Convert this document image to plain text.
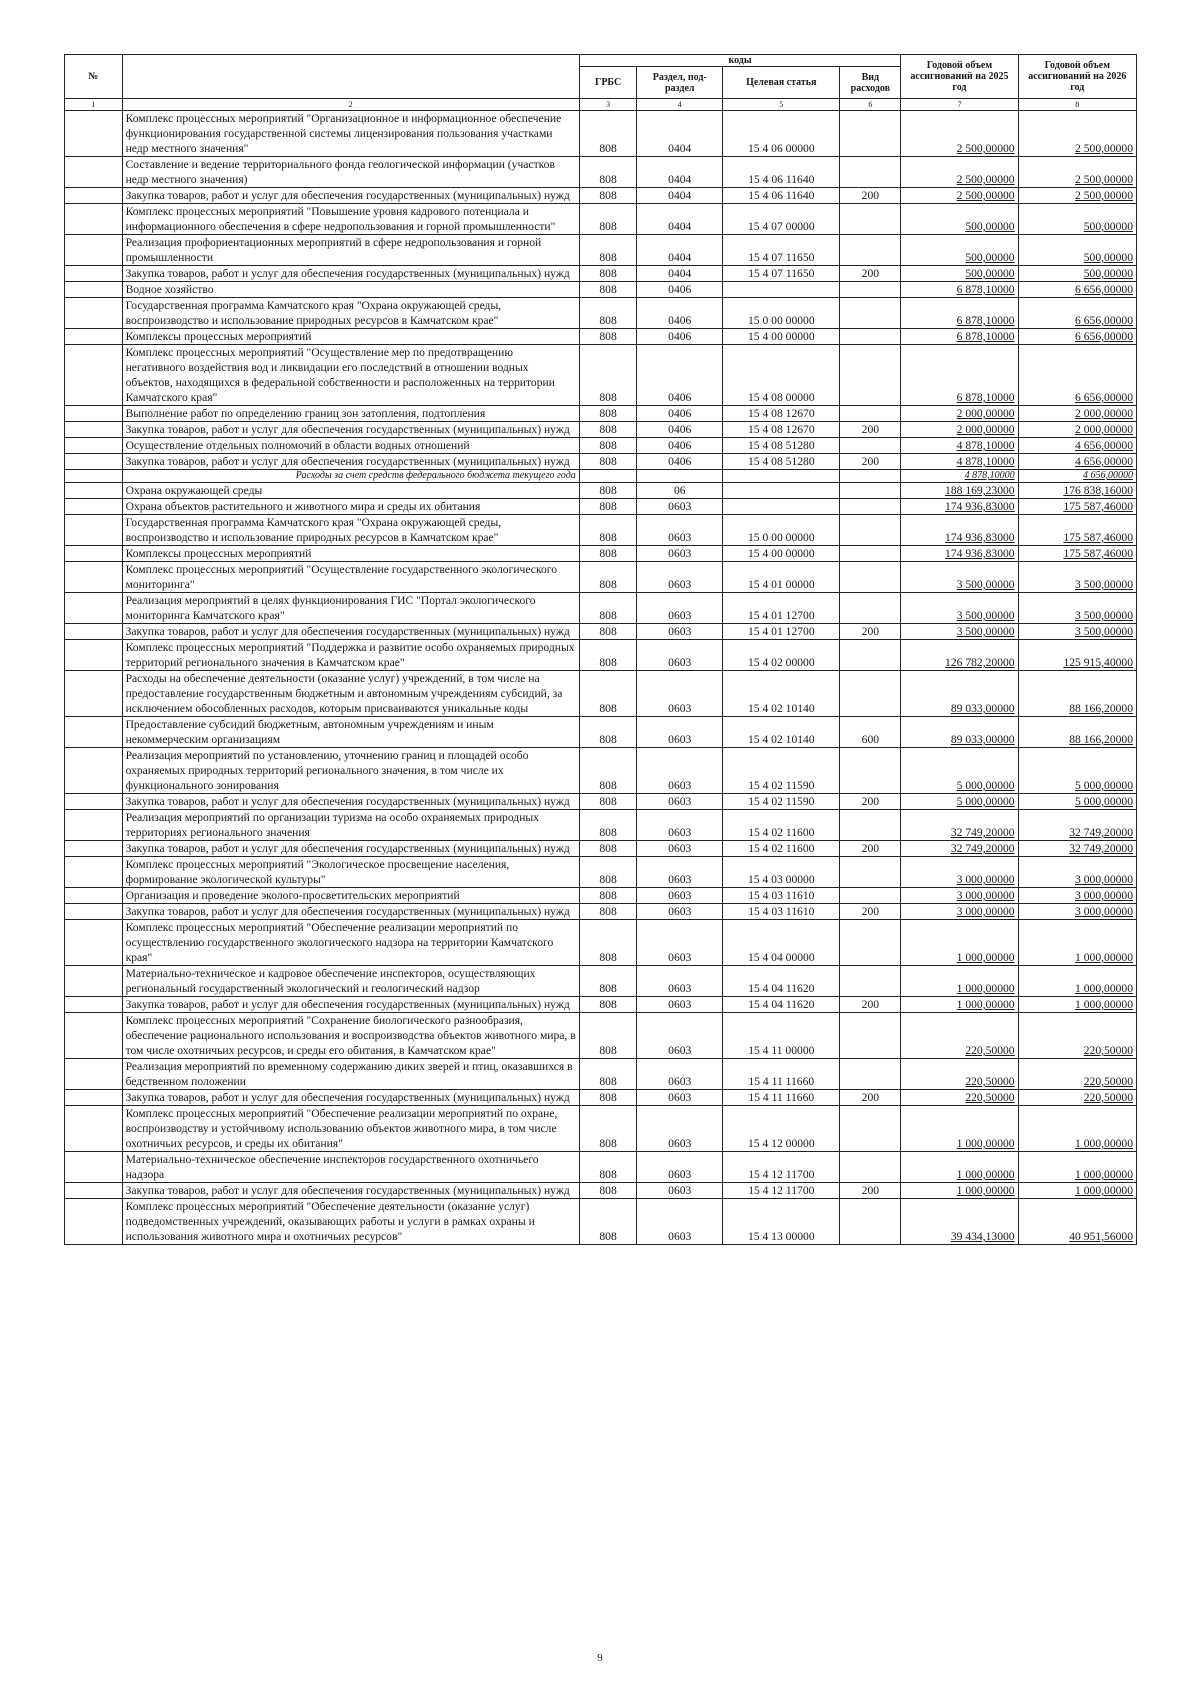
№		коды				Годовой объем ассигнований на 2025 год	Годовой объем ассигнований на 2026 год
		ГРБС	Раздел, под-раздел	Целевая статья	Вид расходов		
1	2	3	4	5	6	7	8
	Комплекс процессных мероприятий "Организационное и информационное обеспечение функционирования государственной системы лицензирования пользования участками недр местного значения"	808	0404	15 4 06 00000		2 500,00000	2 500,00000
	Составление и ведение территориального фонда геологической информации (участков недр местного значения)	808	0404	15 4 06 11640		2 500,00000	2 500,00000
	Закупка товаров, работ и услуг для обеспечения государственных (муниципальных) нужд	808	0404	15 4 06 11640	200	2 500,00000	2 500,00000
	Комплекс процессных мероприятий "Повышение уровня кадрового потенциала и информационного обеспечения в сфере недропользования и горной промышленности"	808	0404	15 4 07 00000		500,00000	500,00000
	Реализация профориентационных мероприятий в сфере недропользования и горной промышленности	808	0404	15 4 07 11650		500,00000	500,00000
	Закупка товаров, работ и услуг для обеспечения государственных (муниципальных) нужд	808	0404	15 4 07 11650	200	500,00000	500,00000
	Водное хозяйство	808	0406			6 878,10000	6 656,00000
	Государственная программа Камчатского края "Охрана окружающей среды, воспроизводство и использование природных ресурсов в Камчатском крае"	808	0406	15 0 00 00000		6 878,10000	6 656,00000
	Комплексы процессных мероприятий	808	0406	15 4 00 00000		6 878,10000	6 656,00000
	Комплекс процессных мероприятий "Осуществление мер по предотвращению негативного воздействия вод и ликвидации его последствий в отношении водных объектов, находящихся в федеральной собственности и расположенных на территории Камчатского края"	808	0406	15 4 08 00000		6 878,10000	6 656,00000
	Выполнение работ по определению границ зон затопления, подтопления	808	0406	15 4 08 12670		2 000,00000	2 000,00000
	Закупка товаров, работ и услуг для обеспечения государственных (муниципальных) нужд	808	0406	15 4 08 12670	200	2 000,00000	2 000,00000
	Осуществление отдельных полномочий в области водных отношений	808	0406	15 4 08 51280		4 878,10000	4 656,00000
	Закупка товаров, работ и услуг для обеспечения государственных (муниципальных) нужд	808	0406	15 4 08 51280	200	4 878,10000	4 656,00000
	Расходы за счет средств федерального бюджета текущего года					4 878,10000	4 656,00000
	Охрана окружающей среды	808	06			188 169,23000	176 838,16000
	Охрана объектов растительного и животного мира и среды их обитания	808	0603			174 936,83000	175 587,46000
	Государственная программа Камчатского края "Охрана окружающей среды, воспроизводство и использование природных ресурсов в Камчатском крае"	808	0603	15 0 00 00000		174 936,83000	175 587,46000
	Комплексы процессных мероприятий	808	0603	15 4 00 00000		174 936,83000	175 587,46000
	Комплекс процессных мероприятий "Осуществление государственного экологического мониторинга"	808	0603	15 4 01 00000		3 500,00000	3 500,00000
	Реализация мероприятий в целях функционирования ГИС "Портал экологического мониторинга Камчатского края"	808	0603	15 4 01 12700		3 500,00000	3 500,00000
	Закупка товаров, работ и услуг для обеспечения государственных (муниципальных) нужд	808	0603	15 4 01 12700	200	3 500,00000	3 500,00000
	Комплекс процессных мероприятий "Поддержка и развитие особо охраняемых природных территорий регионального значения в Камчатском крае"	808	0603	15 4 02 00000		126 782,20000	125 915,40000
	Расходы на обеспечение деятельности (оказание услуг) учреждений, в том числе на предоставление государственным бюджетным и автономным учреждениям субсидий, за исключением обособленных расходов, которым присваиваются уникальные коды	808	0603	15 4 02 10140		89 033,00000	88 166,20000
	Предоставление субсидий бюджетным, автономным учреждениям и иным некоммерческим организациям	808	0603	15 4 02 10140	600	89 033,00000	88 166,20000
	Реализация мероприятий по установлению, уточнению границ и площадей особо охраняемых природных территорий регионального значения, в том числе их функционального зонирования	808	0603	15 4 02 11590		5 000,00000	5 000,00000
	Закупка товаров, работ и услуг для обеспечения государственных (муниципальных) нужд	808	0603	15 4 02 11590	200	5 000,00000	5 000,00000
	Реализация мероприятий по организации туризма на особо охраняемых природных территориях регионального значения	808	0603	15 4 02 11600		32 749,20000	32 749,20000
	Закупка товаров, работ и услуг для обеспечения государственных (муниципальных) нужд	808	0603	15 4 02 11600	200	32 749,20000	32 749,20000
	Комплекс процессных мероприятий "Экологическое просвещение населения, формирование экологической культуры"	808	0603	15 4 03 00000		3 000,00000	3 000,00000
	Организация и проведение эколого-просветительских мероприятий	808	0603	15 4 03 11610		3 000,00000	3 000,00000
	Закупка товаров, работ и услуг для обеспечения государственных (муниципальных) нужд	808	0603	15 4 03 11610	200	3 000,00000	3 000,00000
	Комплекс процессных мероприятий "Обеспечение реализации мероприятий по осуществлению государственного экологического надзора на территории Камчатского края"	808	0603	15 4 04 00000		1 000,00000	1 000,00000
	Материально-техническое и кадровое обеспечение инспекторов, осуществляющих региональный государственный экологический и геологический надзор	808	0603	15 4 04 11620		1 000,00000	1 000,00000
	Закупка товаров, работ и услуг для обеспечения государственных (муниципальных) нужд	808	0603	15 4 04 11620	200	1 000,00000	1 000,00000
	Комплекс процессных мероприятий "Сохранение биологического разнообразия, обеспечение рационального использования и воспроизводства объектов животного мира, в том числе охотничьих ресурсов, и среды его обитания, в Камчатском крае"	808	0603	15 4 11 00000		220,50000	220,50000
	Реализация мероприятий по временному содержанию диких зверей и птиц, оказавшихся в бедственном положении	808	0603	15 4 11 11660		220,50000	220,50000
	Закупка товаров, работ и услуг для обеспечения государственных (муниципальных) нужд	808	0603	15 4 11 11660	200	220,50000	220,50000
	Комплекс процессных мероприятий "Обеспечение реализации мероприятий по охране, воспроизводству и устойчивому использованию объектов животного мира, в том числе охотничьих ресурсов, и среды их обитания"	808	0603	15 4 12 00000		1 000,00000	1 000,00000
	Материально-техническое обеспечение инспекторов государственного охотничьего надзора	808	0603	15 4 12 11700		1 000,00000	1 000,00000
	Закупка товаров, работ и услуг для обеспечения государственных (муниципальных) нужд	808	0603	15 4 12 11700	200	1 000,00000	1 000,00000
	Комплекс процессных мероприятий "Обеспечение деятельности (оказание услуг) подведомственных учреждений, оказывающих работы и услуги в рамках охраны и использования животного мира и охотничьих ресурсов"	808	0603	15 4 13 00000		39 434,13000	40 951,56000
9
